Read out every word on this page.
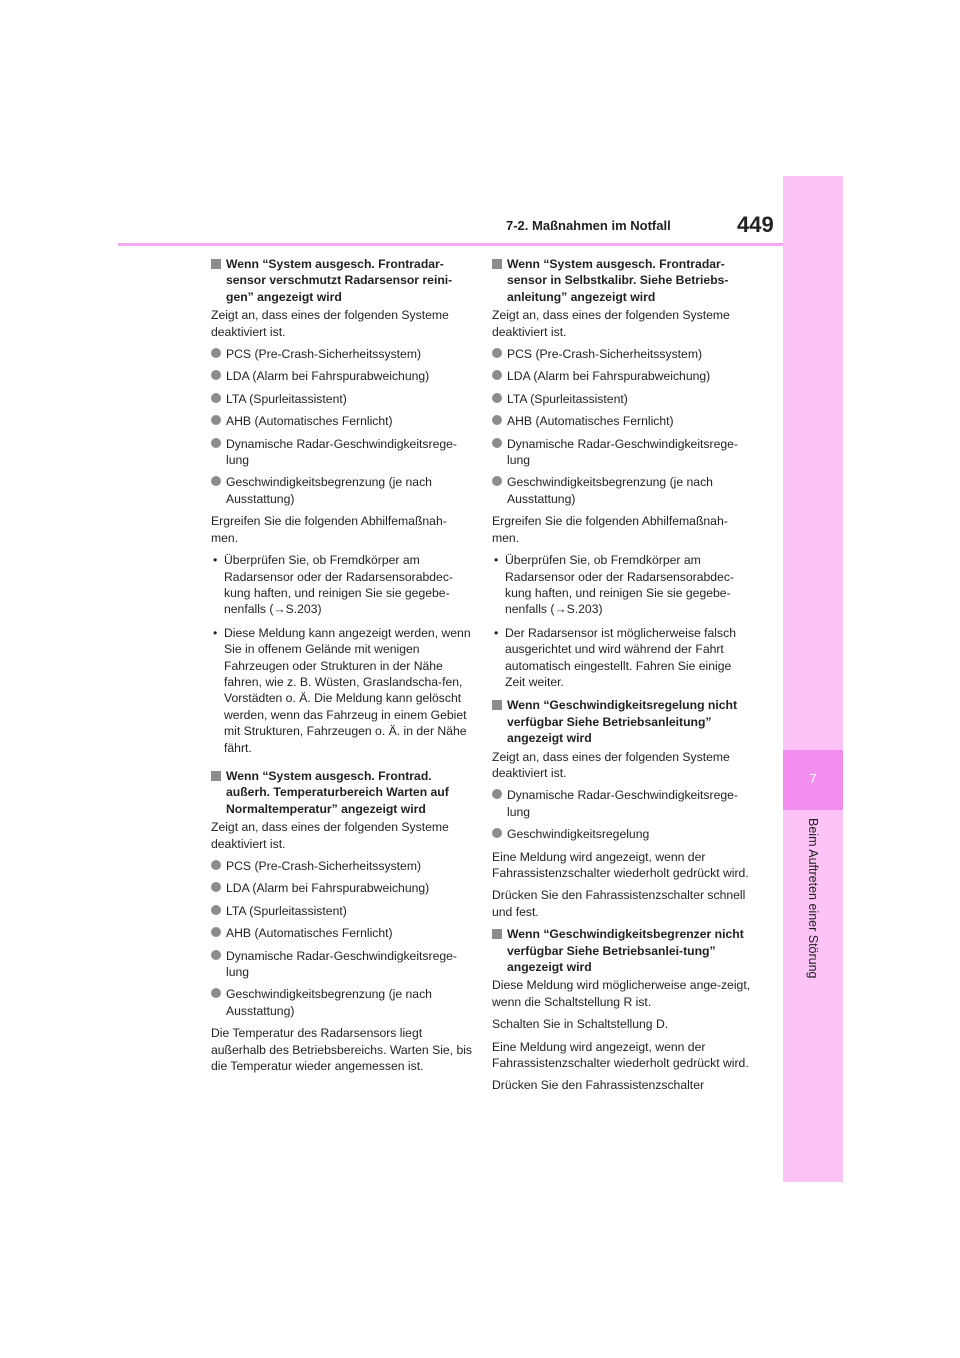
7
Beim Auftreten einer Störung
7-2. Maßnahmen im Notfall	449
Wenn “System ausgesch. Frontradar-sensor verschmutzt Radarsensor reini-gen” angezeigt wird

Zeigt an, dass eines der folgenden Systeme deaktiviert ist.

PCS (Pre-Crash-Sicherheitssystem)
LDA (Alarm bei Fahrspurabweichung)
LTA (Spurleitassistent)
AHB (Automatisches Fernlicht)
Dynamische Radar-Geschwindigkeitsrege-lung
Geschwindigkeitsbegrenzung (je nach Ausstattung)

Ergreifen Sie die folgenden Abhilfemaßnah-men.

• Überprüfen Sie, ob Fremdkörper am Radarsensor oder der Radarsensorabdec-kung haften, und reinigen Sie sie gegebe-nenfalls (→S.203)
• Diese Meldung kann angezeigt werden, wenn Sie in offenem Gelände mit wenigen Fahrzeugen oder Strukturen in der Nähe fahren, wie z. B. Wüsten, Graslandscha-fen, Vorstädten o. Ä. Die Meldung kann gelöscht werden, wenn das Fahrzeug in einem Gebiet mit Strukturen, Fahrzeugen o. Ä. in der Nähe fährt.
Wenn “System ausgesch. Frontrad. außerh. Temperaturbereich Warten auf Normaltemperatur” angezeigt wird

Zeigt an, dass eines der folgenden Systeme deaktiviert ist.

PCS (Pre-Crash-Sicherheitssystem)
LDA (Alarm bei Fahrspurabweichung)
LTA (Spurleitassistent)
AHB (Automatisches Fernlicht)
Dynamische Radar-Geschwindigkeitsrege-lung
Geschwindigkeitsbegrenzung (je nach Ausstattung)

Die Temperatur des Radarsensors liegt außerhalb des Betriebsbereichs. Warten Sie, bis die Temperatur wieder angemessen ist.

Wenn “System ausgesch. Frontradar-sensor in Selbstkalibr. Siehe Betriebs-anleitung” angezeigt wird

Zeigt an, dass eines der folgenden Systeme deaktiviert ist.

PCS (Pre-Crash-Sicherheitssystem)
LDA (Alarm bei Fahrspurabweichung)
LTA (Spurleitassistent)
AHB (Automatisches Fernlicht)
Dynamische Radar-Geschwindigkeitsrege-lung
Geschwindigkeitsbegrenzung (je nach Ausstattung)

Ergreifen Sie die folgenden Abhilfemaßnah-men.

• Überprüfen Sie, ob Fremdkörper am Radarsensor oder der Radarsensorabdec-kung haften, und reinigen Sie sie gegebe-nenfalls (→S.203)
• Der Radarsensor ist möglicherweise falsch ausgerichtet und wird während der Fahrt automatisch eingestellt. Fahren Sie einige Zeit weiter.
Wenn “Geschwindigkeitsregelung nicht verfügbar Siehe Betriebsanleitung” angezeigt wird

Zeigt an, dass eines der folgenden Systeme deaktiviert ist.

Dynamische Radar-Geschwindigkeitsrege-lung
Geschwindigkeitsregelung

Eine Meldung wird angezeigt, wenn der Fahrassistenzschalter wiederholt gedrückt wird.

Drücken Sie den Fahrassistenzschalter schnell und fest.

Wenn “Geschwindigkeitsbegrenzer nicht verfügbar Siehe Betriebsanlei-tung” angezeigt wird

Diese Meldung wird möglicherweise ange-zeigt, wenn die Schaltstellung R ist.

Schalten Sie in Schaltstellung D.

Eine Meldung wird angezeigt, wenn der Fahrassistenzschalter wiederholt gedrückt wird.

Drücken Sie den Fahrassistenzschalter
